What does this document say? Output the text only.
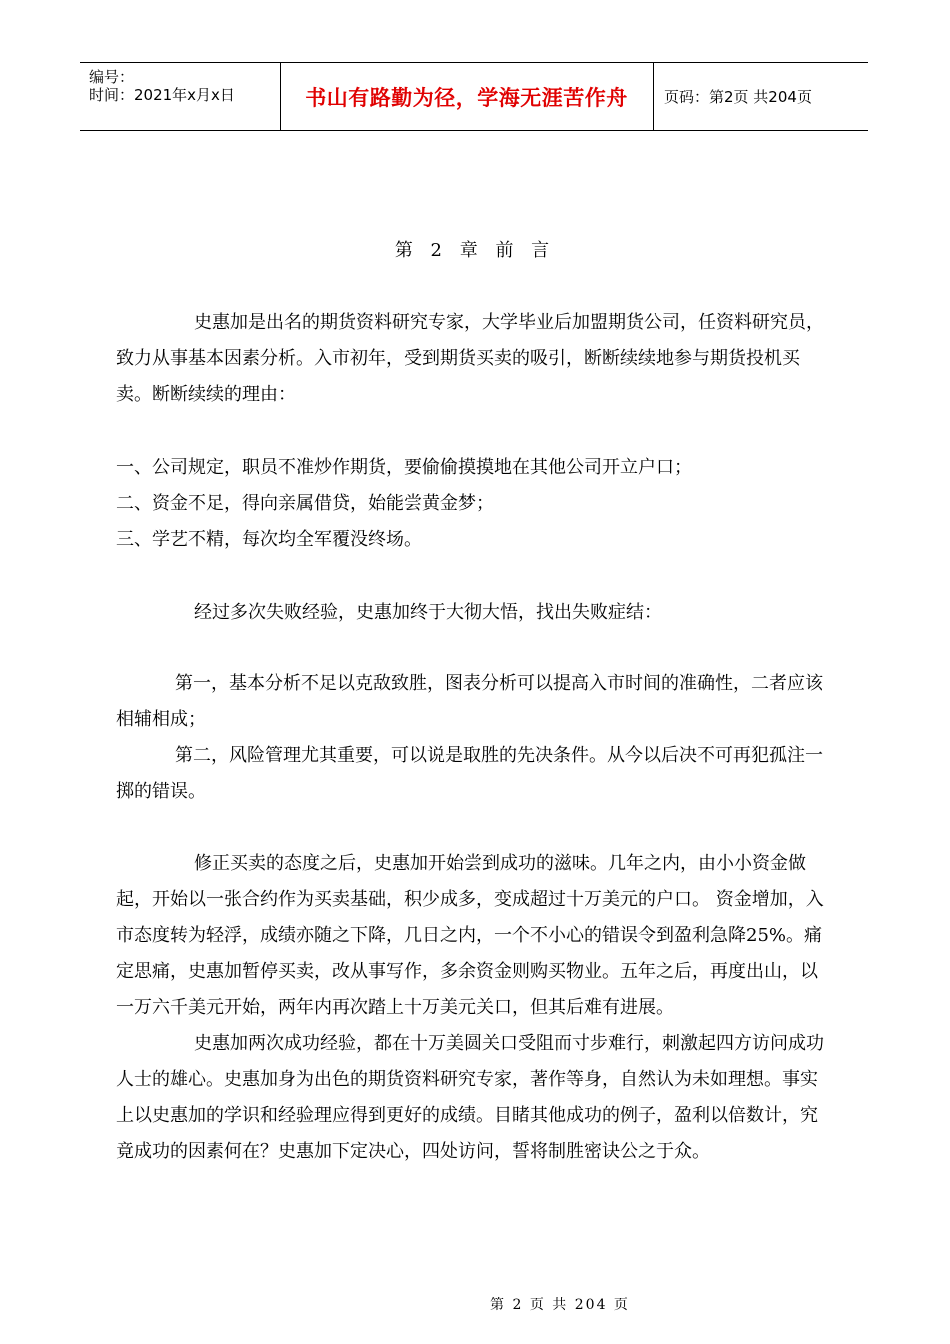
编号：
时间：2021年x月x日	书山有路勤为径，学海无涯苦作舟 页码：第2页 共204页
第 2 章 前 言

史惠加是出名的期货资料研究专家，大学毕业后加盟期货公司，任资料研究员，致力从事基本因素分析。入市初年，受到期货买卖的吸引，断断续续地参与期货投机买卖。断断续续的理由：

一、公司规定，职员不准炒作期货，要偷偷摸摸地在其他公司开立户口；
二、资金不足，得向亲属借贷，始能尝黄金梦；
三、学艺不精，每次均全军覆没终场。

经过多次失败经验，史惠加终于大彻大悟，找出失败症结：

第一，基本分析不足以克敌致胜，图表分析可以提高入市时间的准确性，二者应该相辅相成；

第二，风险管理尤其重要，可以说是取胜的先决条件。从今以后决不可再犯孤注一掷的错误。

修正买卖的态度之后，史惠加开始尝到成功的滋味。几年之内，由小小资金做起，开始以一张合约作为买卖基础，积少成多，变成超过十万美元的户口。 资金增加，入市态度转为轻浮，成绩亦随之下降，几日之内，一个不小心的错误令到盈利急降25%。痛定思痛，史惠加暂停买卖，改从事写作，多余资金则购买物业。五年之后，再度出山，以一万六千美元开始，两年内再次踏上十万美元关口，但其后难有进展。

史惠加两次成功经验，都在十万美圆关口受阻而寸步难行，刺激起四方访问成功人士的雄心。史惠加身为出色的期货资料研究专家，著作等身，自然认为未如理想。事实上以史惠加的学识和经验理应得到更好的成绩。目睹其他成功的例子，盈利以倍数计，究竟成功的因素何在？史惠加下定决心，四处访问，誓将制胜密诀公之于众。

第 2 页 共 204 页
